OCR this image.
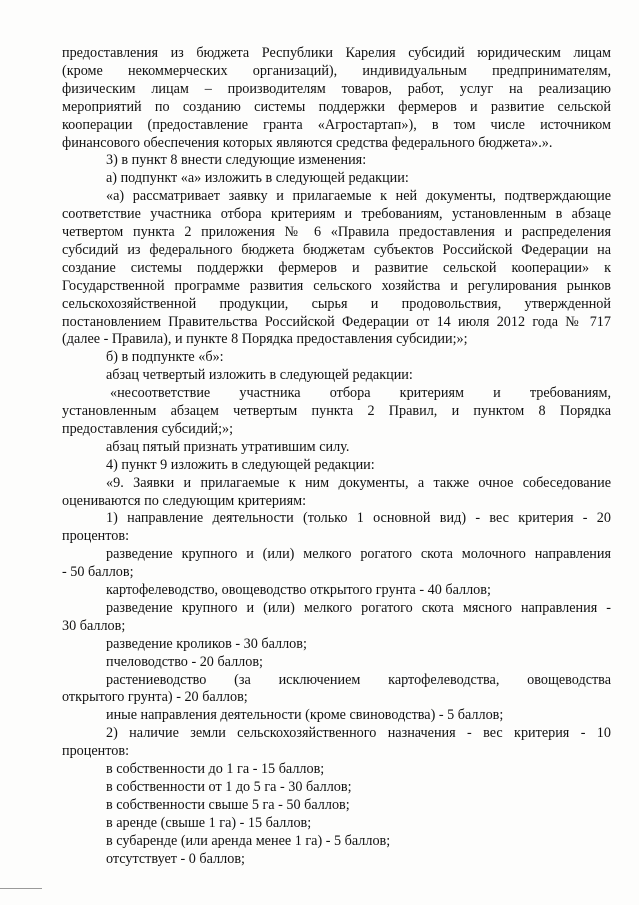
предоставления из бюджета Республики Карелия субсидий юридическим лицам
(кроме некоммерческих организаций), индивидуальным предпринимателям,
физическим лицам – производителям товаров, работ, услуг на реализацию
мероприятий по созданию системы поддержки фермеров и развитие сельской
кооперации (предоставление гранта «Агростартап»), в том числе источником
финансового обеспечения которых являются средства федерального бюджета».».
3) в пункт 8 внести следующие изменения:
а) подпункт «а» изложить в следующей редакции:
«а) рассматривает заявку и прилагаемые к ней документы, подтверждающие
соответствие участника отбора критериям и требованиям, установленным в абзаце
четвертом пункта 2 приложения № 6 «Правила предоставления и распределения
субсидий из федерального бюджета бюджетам субъектов Российской Федерации на
создание системы поддержки фермеров и развитие сельской кооперации» к
Государственной программе развития сельского хозяйства и регулирования рынков
сельскохозяйственной продукции, сырья и продовольствия, утвержденной
постановлением Правительства Российской Федерации от 14 июля 2012 года № 717
(далее - Правила), и пункте 8 Порядка предоставления субсидии;»;
б) в подпункте «б»:
абзац четвертый изложить в следующей редакции:
«несоответствие участника отбора критериям и требованиям,
установленным абзацем четвертым пункта 2 Правил, и пунктом 8 Порядка
предоставления субсидий;»;
абзац пятый признать утратившим силу.
4) пункт 9 изложить в следующей редакции:
«9. Заявки и прилагаемые к ним документы, а также очное собеседование
оцениваются по следующим критериям:
1) направление деятельности (только 1 основной вид) - вес критерия - 20
процентов:
разведение крупного и (или) мелкого рогатого скота молочного направления
- 50 баллов;
картофелеводство, овощеводство открытого грунта - 40 баллов;
разведение крупного и (или) мелкого рогатого скота мясного направления -
30 баллов;
разведение кроликов - 30 баллов;
пчеловодство - 20 баллов;
растениеводство (за исключением картофелеводства, овощеводства
открытого грунта) - 20 баллов;
иные направления деятельности (кроме свиноводства) - 5 баллов;
2) наличие земли сельскохозяйственного назначения - вес критерия - 10
процентов:
в собственности до 1 га - 15 баллов;
в собственности от 1 до 5 га - 30 баллов;
в собственности свыше 5 га - 50 баллов;
в аренде (свыше 1 га) - 15 баллов;
в субаренде (или аренда менее 1 га) - 5 баллов;
отсутствует - 0 баллов;
